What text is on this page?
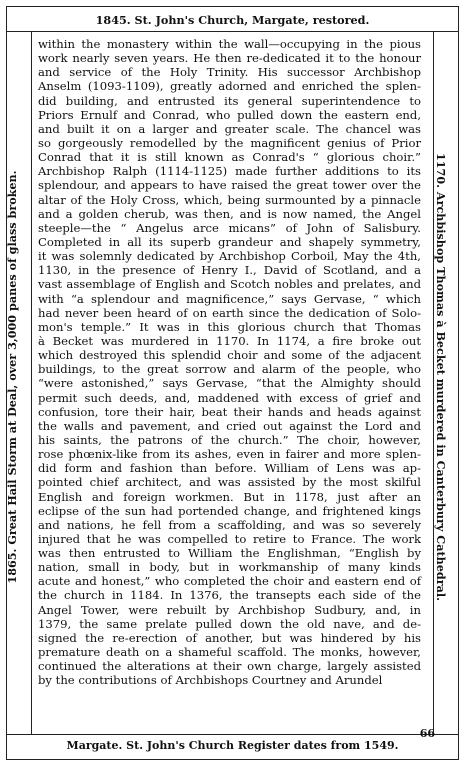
1845. St. John's Church, Margate, restored.
Margate. St. John's Church Register dates from 1549.
1865. Great Hail Storm at Deal, over 3,000 panes of glass broken.	1170. Archbishop Thomas à Becket murdered in Canterbury Cathedral.
within the monastery within the wall—occupying in the pious
work nearly seven years. He then re-dedicated it to the honour
and service of the Holy Trinity. His successor Archbishop
Anselm (1093-1109), greatly adorned and enriched the splen-
did building, and entrusted its general superintendence to
Priors Ernulf and Conrad, who pulled down the eastern end,
and built it on a larger and greater scale. The chancel was
so gorgeously remodelled by the magnificent genius of Prior
Conrad that it is still known as Conrad's “ glorious choir.”
Archbishop Ralph (1114-1125) made further additions to its
splendour, and appears to have raised the great tower over the
altar of the Holy Cross, which, being surmounted by a pinnacle
and a golden cherub, was then, and is now named, the Angel
steeple—the “ Angelus arce micans” of John of Salisbury.
Completed in all its superb grandeur and shapely symmetry,
it was solemnly dedicated by Archbishop Corboil, May the 4th,
1130, in the presence of Henry I., David of Scotland, and a
vast assemblage of English and Scotch nobles and prelates, and
with “a splendour and magnificence,” says Gervase, “ which
had never been heard of on earth since the dedication of Solo-
mon's temple.” It was in this glorious church that Thomas
à Becket was murdered in 1170. In 1174, a fire broke out
which destroyed this splendid choir and some of the adjacent
buildings, to the great sorrow and alarm of the people, who
“were astonished,” says Gervase, “that the Almighty should
permit such deeds, and, maddened with excess of grief and
confusion, tore their hair, beat their hands and heads against
the walls and pavement, and cried out against the Lord and
his saints, the patrons of the church.” The choir, however,
rose phœnix-like from its ashes, even in fairer and more splen-
did form and fashion than before. William of Lens was ap-
pointed chief architect, and was assisted by the most skilful
English and foreign workmen. But in 1178, just after an
eclipse of the sun had portended change, and frightened kings
and nations, he fell from a scaffolding, and was so severely
injured that he was compelled to retire to France. The work
was then entrusted to William the Englishman, “English by
nation, small in body, but in workmanship of many kinds
acute and honest,” who completed the choir and eastern end of
the church in 1184. In 1376, the transepts each side of the
Angel Tower, were rebuilt by Archbishop Sudbury, and, in
1379, the same prelate pulled down the old nave, and de-
signed the re-erection of another, but was hindered by his
premature death on a shameful scaffold. The monks, however,
continued the alterations at their own charge, largely assisted
by the contributions of Archbishops Courtney and Arundel
66
